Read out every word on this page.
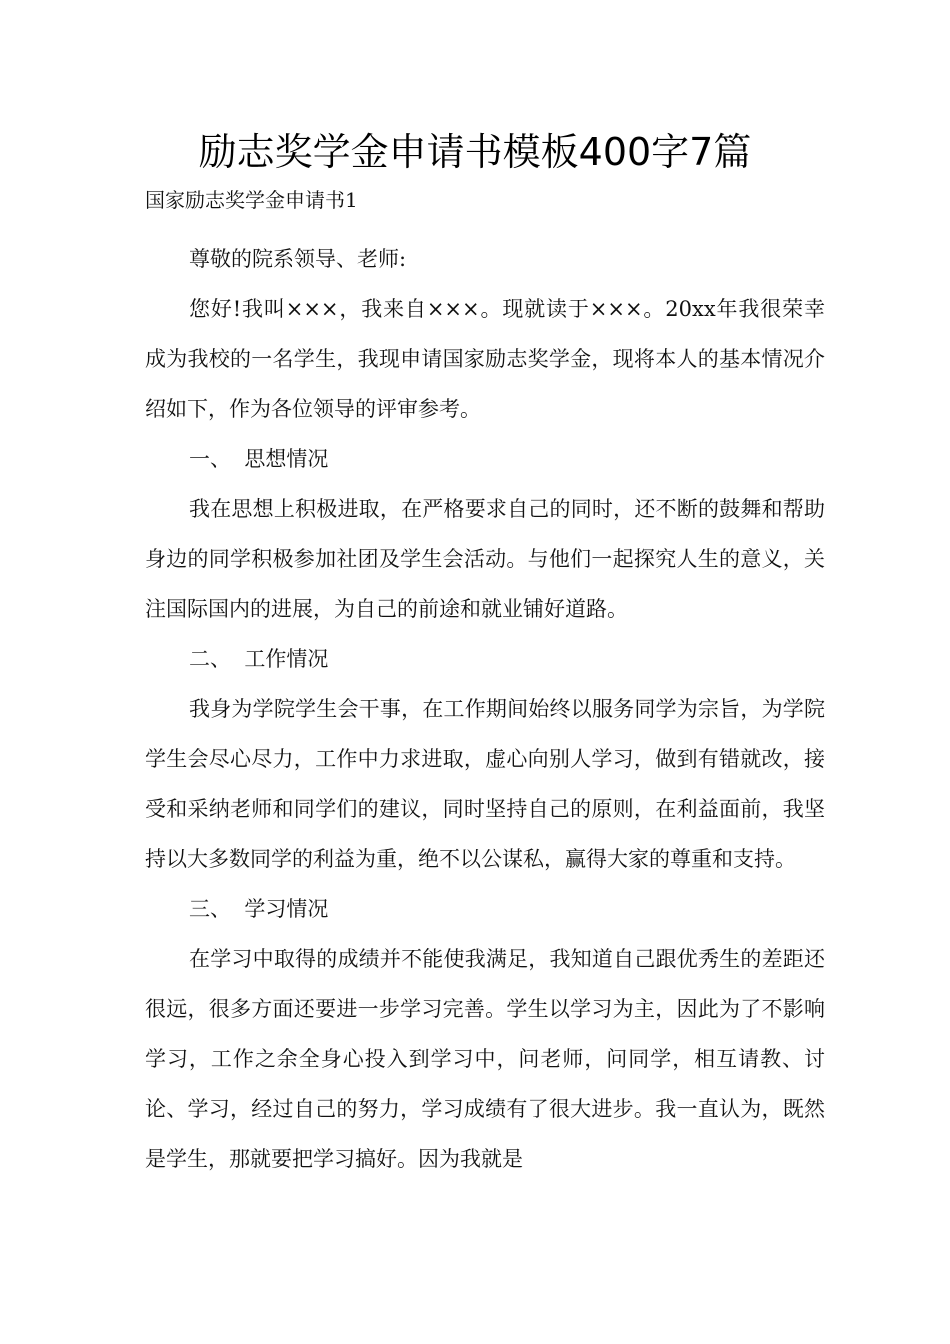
励志奖学金申请书模板400字7篇
国家励志奖学金申请书1

尊敬的院系领导、老师:

您好!我叫×××，我来自×××。现就读于×××。20xx年我很荣幸成为我校的一名学生，我现申请国家励志奖学金，现将本人的基本情况介绍如下，作为各位领导的评审参考。

一、  思想情况

我在思想上积极进取，在严格要求自己的同时，还不断的鼓舞和帮助身边的同学积极参加社团及学生会活动。与他们一起探究人生的意义，关注国际国内的进展，为自己的前途和就业铺好道路。

二、  工作情况

我身为学院学生会干事，在工作期间始终以服务同学为宗旨，为学院学生会尽心尽力，工作中力求进取，虚心向别人学习，做到有错就改，接受和采纳老师和同学们的建议，同时坚持自己的原则，在利益面前，我坚持以大多数同学的利益为重，绝不以公谋私，赢得大家的尊重和支持。

三、  学习情况

在学习中取得的成绩并不能使我满足，我知道自己跟优秀生的差距还很远，很多方面还要进一步学习完善。学生以学习为主，因此为了不影响学习，工作之余全身心投入到学习中，问老师，问同学，相互请教、讨论、学习，经过自己的努力，学习成绩有了很大进步。我一直认为，既然是学生，那就要把学习搞好。因为我就是
